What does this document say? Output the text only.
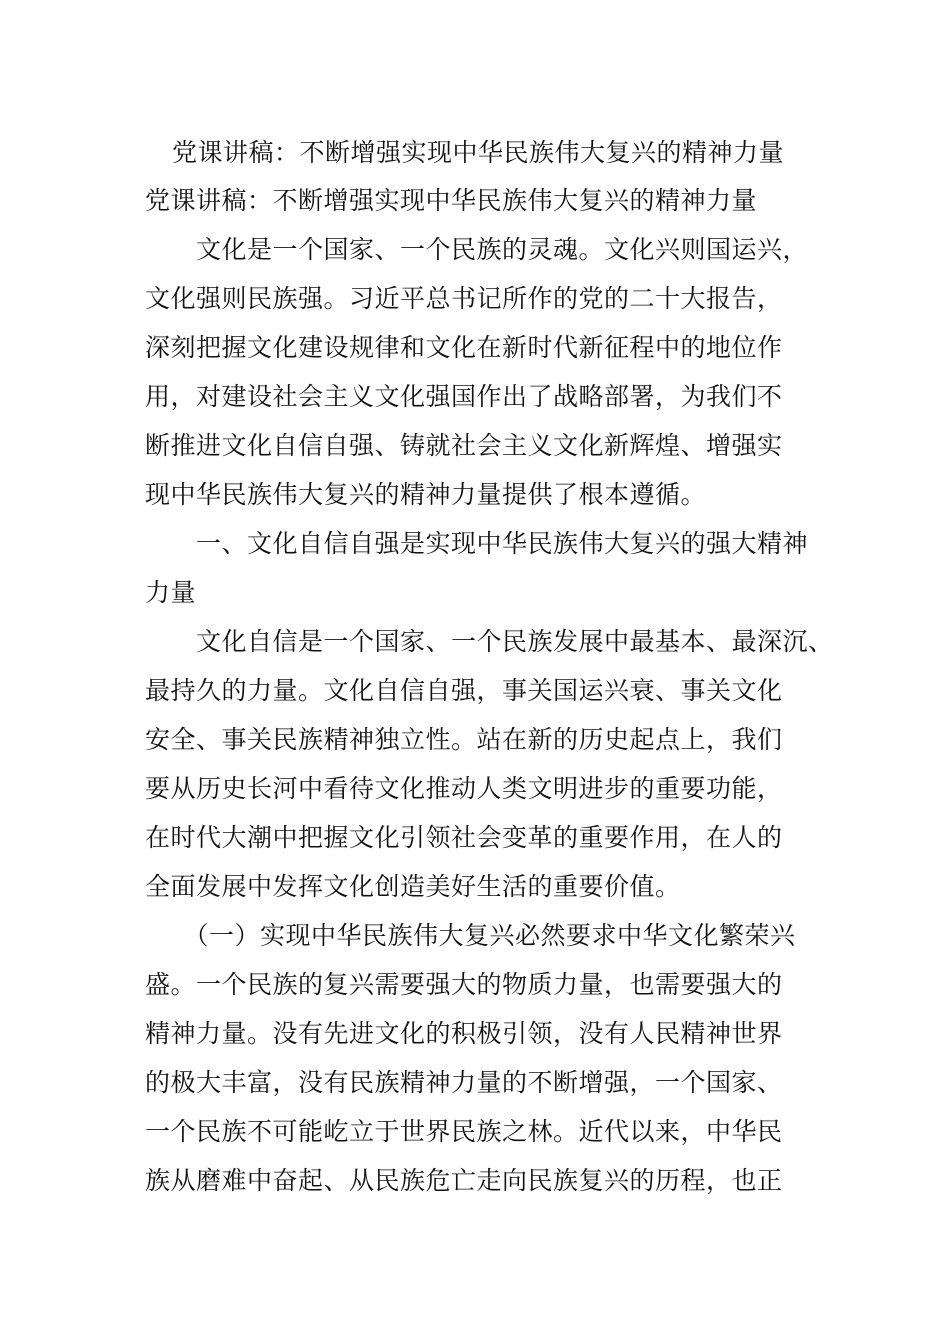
党课讲稿：不断增强实现中华民族伟大复兴的精神力量
党课讲稿：不断增强实现中华民族伟大复兴的精神力量
　　文化是一个国家、一个民族的灵魂。文化兴则国运兴，
文化强则民族强。习近平总书记所作的党的二十大报告，
深刻把握文化建设规律和文化在新时代新征程中的地位作
用，对建设社会主义文化强国作出了战略部署，为我们不
断推进文化自信自强、铸就社会主义文化新辉煌、增强实
现中华民族伟大复兴的精神力量提供了根本遵循。
　　一、文化自信自强是实现中华民族伟大复兴的强大精神
力量
　　文化自信是一个国家、一个民族发展中最基本、最深沉、
最持久的力量。文化自信自强，事关国运兴衰、事关文化
安全、事关民族精神独立性。站在新的历史起点上，我们
要从历史长河中看待文化推动人类文明进步的重要功能，
在时代大潮中把握文化引领社会变革的重要作用，在人的
全面发展中发挥文化创造美好生活的重要价值。
　　（一）实现中华民族伟大复兴必然要求中华文化繁荣兴
盛。一个民族的复兴需要强大的物质力量，也需要强大的
精神力量。没有先进文化的积极引领，没有人民精神世界
的极大丰富，没有民族精神力量的不断增强，一个国家、
一个民族不可能屹立于世界民族之林。近代以来，中华民
族从磨难中奋起、从民族危亡走向民族复兴的历程，也正
